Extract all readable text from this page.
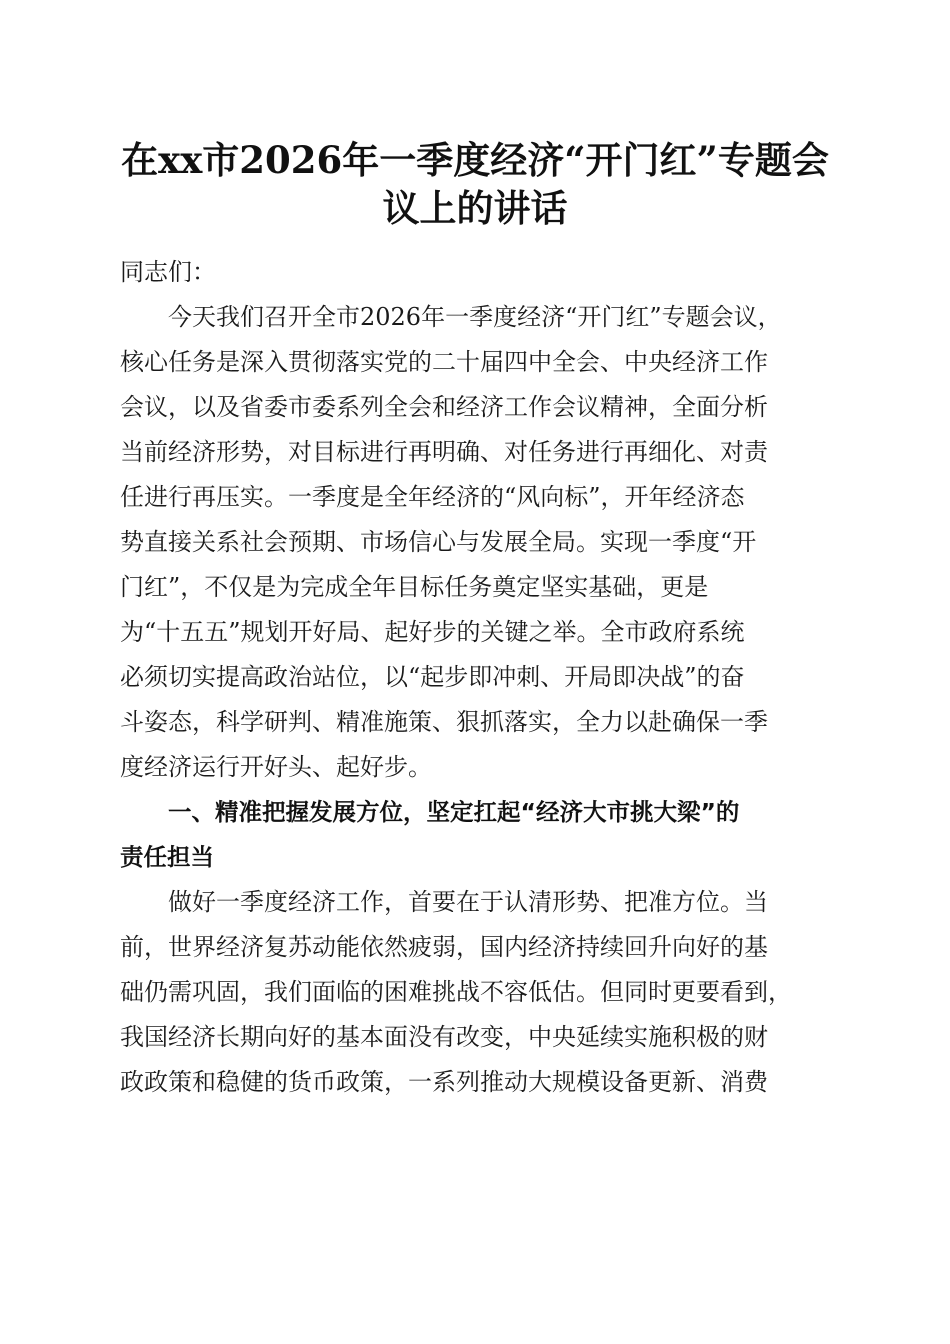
在xx市2026年一季度经济“开门红”专题会
议上的讲话
同志们：
今天我们召开全市2026年一季度经济“开门红”专题会议，
核心任务是深入贯彻落实党的二十届四中全会、中央经济工作
会议，以及省委市委系列全会和经济工作会议精神，全面分析
当前经济形势，对目标进行再明确、对任务进行再细化、对责
任进行再压实。一季度是全年经济的“风向标”，开年经济态
势直接关系社会预期、市场信心与发展全局。实现一季度“开
门红”，不仅是为完成全年目标任务奠定坚实基础，更是
为“十五五”规划开好局、起好步的关键之举。全市政府系统
必须切实提高政治站位，以“起步即冲刺、开局即决战”的奋
斗姿态，科学研判、精准施策、狠抓落实，全力以赴确保一季
度经济运行开好头、起好步。
一、精准把握发展方位，坚定扛起“经济大市挑大梁”的
责任担当
做好一季度经济工作，首要在于认清形势、把准方位。当
前，世界经济复苏动能依然疲弱，国内经济持续回升向好的基
础仍需巩固，我们面临的困难挑战不容低估。但同时更要看到，
我国经济长期向好的基本面没有改变，中央延续实施积极的财
政政策和稳健的货币政策，一系列推动大规模设备更新、消费
